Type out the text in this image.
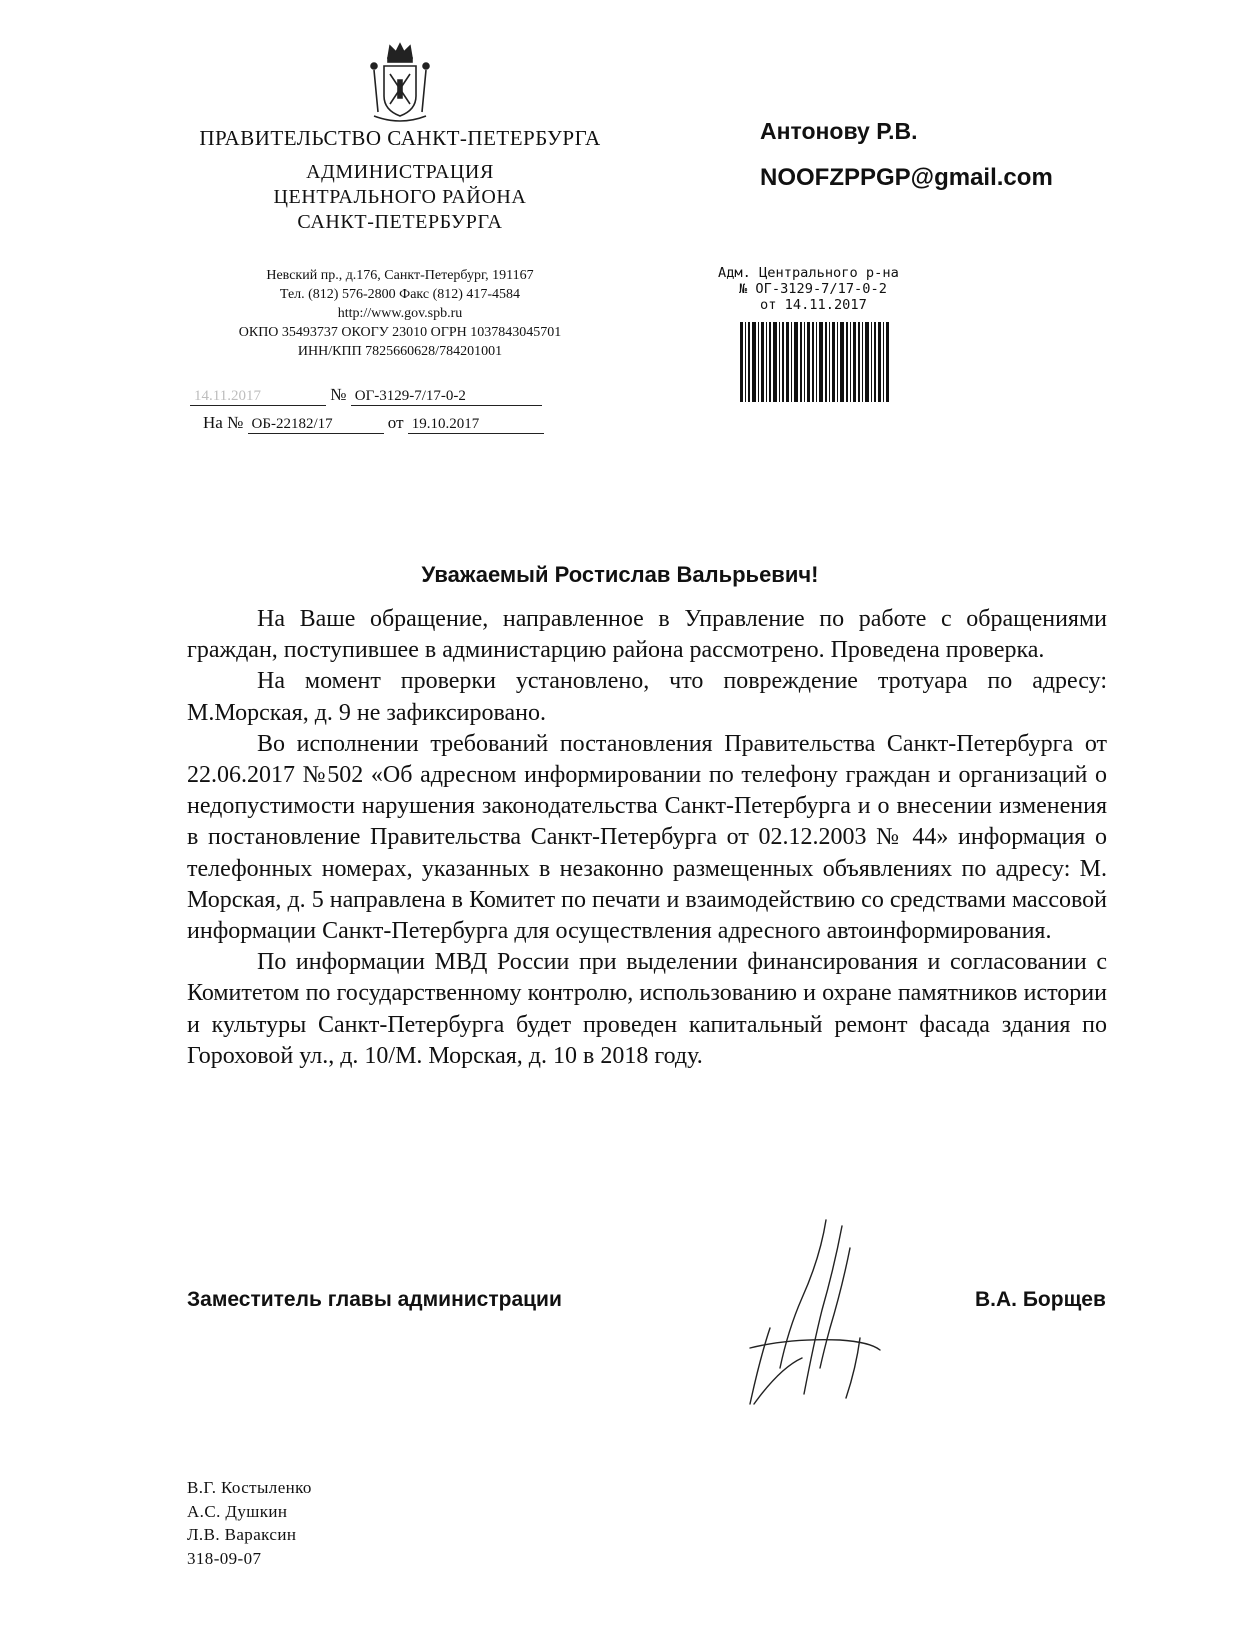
ПРАВИТЕЛЬСТВО САНКТ-ПЕТЕРБУРГА
АДМИНИСТРАЦИЯ
ЦЕНТРАЛЬНОГО РАЙОНА
САНКТ-ПЕТЕРБУРГА
Невский пр., д.176, Санкт-Петербург, 191167
Тел. (812) 576-2800 Факс (812) 417-4584
http://www.gov.spb.ru
ОКПО 35493737 ОКОГУ 23010 ОГРН 1037843045701
ИНН/КПП 7825660628/784201001
14.11.2017	№ ОГ-3129-7/17-0-2
На № ОБ-22182/17	от 19.10.2017
Антонову Р.В.
NOOFZPPGP@gmail.com
Адм. Центрального р-на
№ ОГ-3129-7/17-0-2
от 14.11.2017
Уважаемый Ростислав Вальрьевич!

На Ваше обращение, направленное в Управление по работе с обращениями граждан, поступившее в администарцию района рассмотрено. Проведена проверка.

На момент проверки установлено, что повреждение тротуара по адресу: М.Морская, д. 9 не зафиксировано.

Во исполнении требований постановления Правительства Санкт-Петербурга от 22.06.2017 №502 «Об адресном информировании по телефону граждан и организаций о недопустимости нарушения законодательства Санкт-Петербурга и о внесении изменения в постановление Правительства Санкт-Петербурга от 02.12.2003 № 44» информация о телефонных номерах, указанных в незаконно размещенных объявлениях по адресу: М. Морская, д. 5 направлена в Комитет по печати и взаимодействию со средствами массовой информации Санкт-Петербурга для осуществления адресного автоинформирования.

По информации МВД России при выделении финансирования и согласовании с Комитетом по государственному контролю, использованию и охране памятников истории и культуры Санкт-Петербурга будет проведен капитальный ремонт фасада здания по Гороховой ул., д. 10/М. Морская, д. 10 в 2018 году.

Заместитель главы администрации	В.А. Борщев
В.Г. Костыленко
А.С. Душкин
Л.В. Вараксин
318-09-07
